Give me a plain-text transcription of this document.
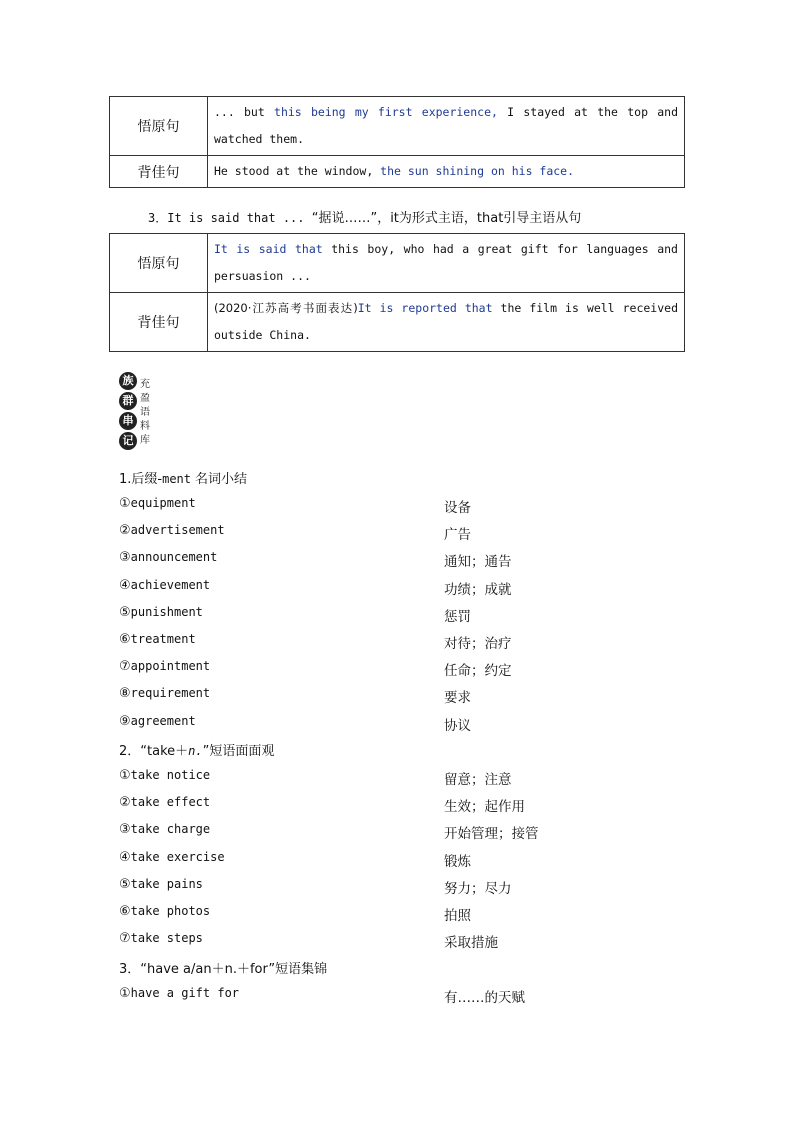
悟原句	... but this being my first experience, I stayed at the top and watched them.
背佳句	He stood at the window, the sun shining on his face.
3．It is said that ... “据说……”，it为形式主语，that引导主语从句
悟原句	It is said that this boy, who had a great gift for languages and persuasion ...
背佳句	(2020·江苏高考书面表达)It is reported that the film is well received outside China.
族
群
串
记
充
盈
语
料
库
1.后缀-ment 名词小结
①equipment	设备
②advertisement	广告
③announcement	通知；通告
④achievement	功绩；成就
⑤punishment	惩罚
⑥treatment	对待；治疗
⑦appointment	任命；约定
⑧requirement	要求
⑨agreement	协议
2．“take＋n.”短语面面观
①take notice	留意；注意
②take effect	生效；起作用
③take charge	开始管理；接管
④take exercise	锻炼
⑤take pains	努力；尽力
⑥take photos	拍照
⑦take steps	采取措施
3．“have a/an＋n.＋for”短语集锦
①have a gift for	有……的天赋
